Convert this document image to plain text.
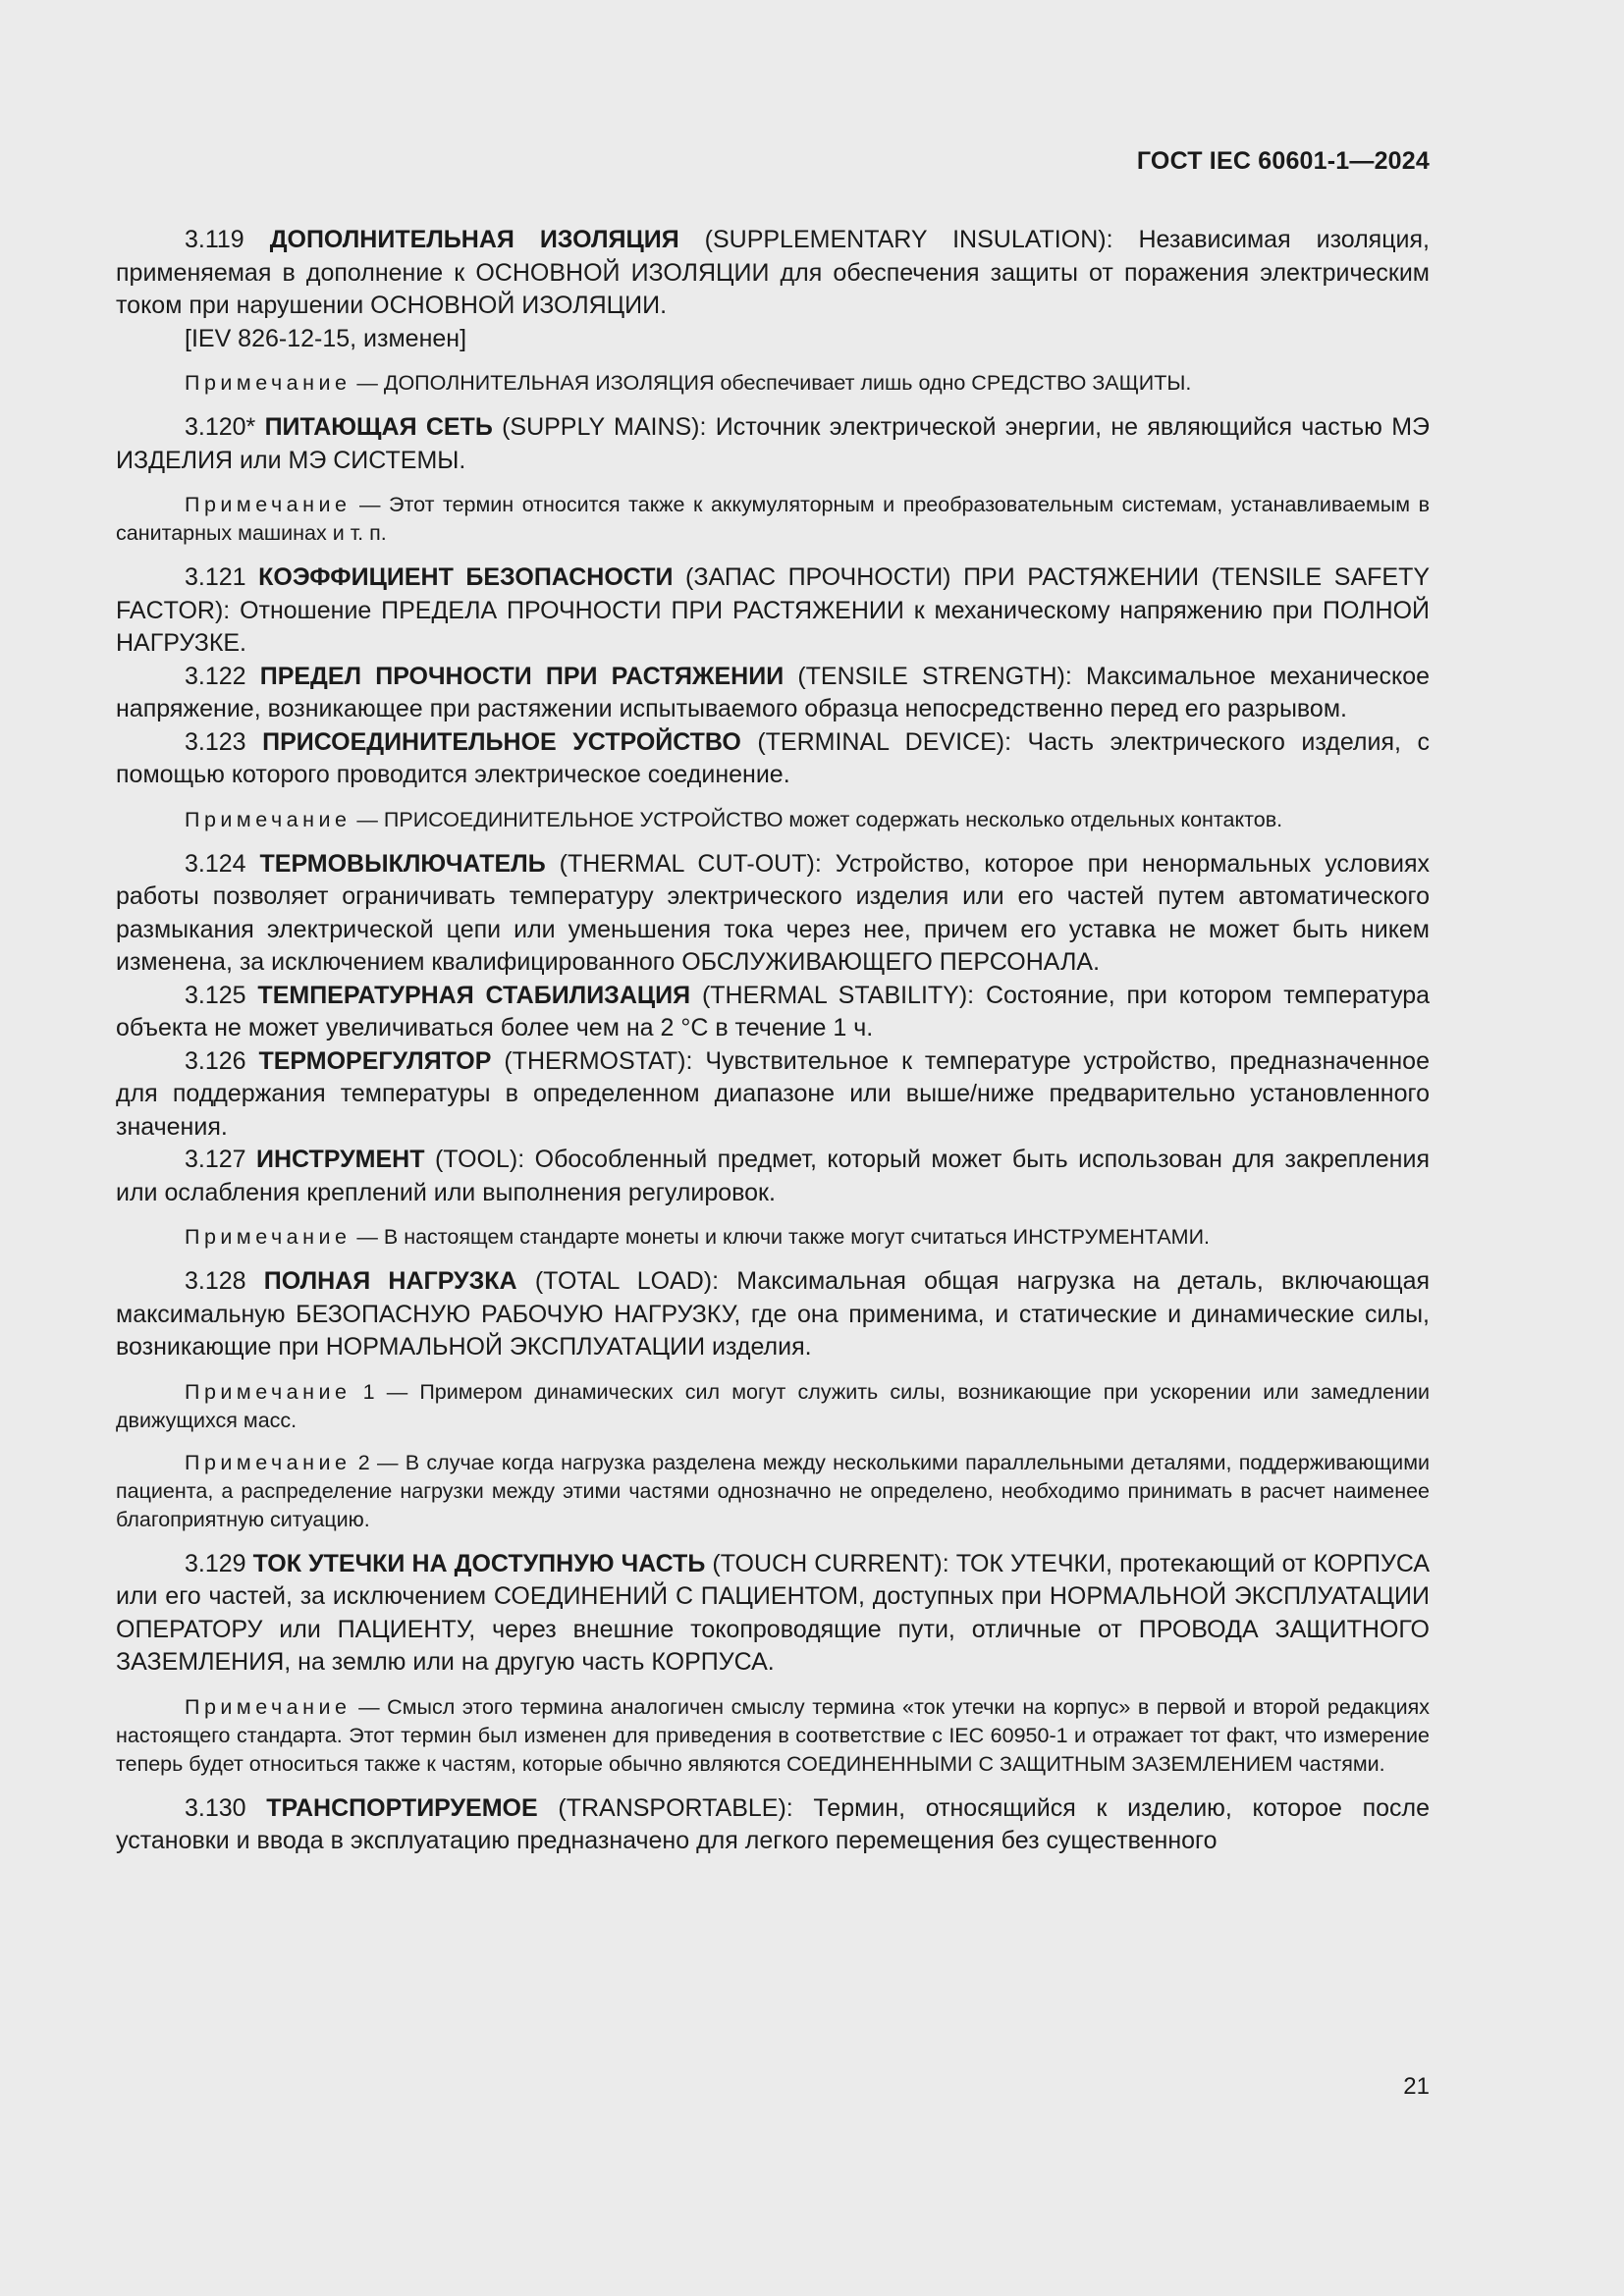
ГОСТ IEC 60601-1—2024

3.119 ДОПОЛНИТЕЛЬНАЯ ИЗОЛЯЦИЯ (SUPPLEMENTARY INSULATION): Независимая изоляция, применяемая в дополнение к ОСНОВНОЙ ИЗОЛЯЦИИ для обеспечения защиты от поражения электрическим током при нарушении ОСНОВНОЙ ИЗОЛЯЦИИ.

[IEV 826-12-15, изменен]

Примечание — ДОПОЛНИТЕЛЬНАЯ ИЗОЛЯЦИЯ обеспечивает лишь одно СРЕДСТВО ЗАЩИТЫ.

3.120* ПИТАЮЩАЯ СЕТЬ (SUPPLY MAINS): Источник электрической энергии, не являющийся частью МЭ ИЗДЕЛИЯ или МЭ СИСТЕМЫ.

Примечание — Этот термин относится также к аккумуляторным и преобразовательным системам, устанавливаемым в санитарных машинах и т. п.

3.121 КОЭФФИЦИЕНТ БЕЗОПАСНОСТИ (ЗАПАС ПРОЧНОСТИ) ПРИ РАСТЯЖЕНИИ (TENSILE SAFETY FACTOR): Отношение ПРЕДЕЛА ПРОЧНОСТИ ПРИ РАСТЯЖЕНИИ к механическому напряжению при ПОЛНОЙ НАГРУЗКЕ.

3.122 ПРЕДЕЛ ПРОЧНОСТИ ПРИ РАСТЯЖЕНИИ (TENSILE STRENGTH): Максимальное механическое напряжение, возникающее при растяжении испытываемого образца непосредственно перед его разрывом.

3.123 ПРИСОЕДИНИТЕЛЬНОЕ УСТРОЙСТВО (TERMINAL DEVICE): Часть электрического изделия, с помощью которого проводится электрическое соединение.

Примечание — ПРИСОЕДИНИТЕЛЬНОЕ УСТРОЙСТВО может содержать несколько отдельных контактов.

3.124 ТЕРМОВЫКЛЮЧАТЕЛЬ (THERMAL CUT-OUT): Устройство, которое при ненормальных условиях работы позволяет ограничивать температуру электрического изделия или его частей путем автоматического размыкания электрической цепи или уменьшения тока через нее, причем его уставка не может быть никем изменена, за исключением квалифицированного ОБСЛУЖИВАЮЩЕГО ПЕРСОНАЛА.

3.125 ТЕМПЕРАТУРНАЯ СТАБИЛИЗАЦИЯ (THERMAL STABILITY): Состояние, при котором температура объекта не может увеличиваться более чем на 2 °С в течение 1 ч.

3.126 ТЕРМОРЕГУЛЯТОР (THERMOSTAT): Чувствительное к температуре устройство, предназначенное для поддержания температуры в определенном диапазоне или выше/ниже предварительно установленного значения.

3.127 ИНСТРУМЕНТ (TOOL): Обособленный предмет, который может быть использован для закрепления или ослабления креплений или выполнения регулировок.

Примечание — В настоящем стандарте монеты и ключи также могут считаться ИНСТРУМЕНТАМИ.

3.128 ПОЛНАЯ НАГРУЗКА (TOTAL LOAD): Максимальная общая нагрузка на деталь, включающая максимальную БЕЗОПАСНУЮ РАБОЧУЮ НАГРУЗКУ, где она применима, и статические и динамические силы, возникающие при НОРМАЛЬНОЙ ЭКСПЛУАТАЦИИ изделия.

Примечание 1 — Примером динамических сил могут служить силы, возникающие при ускорении или замедлении движущихся масс.

Примечание 2 — В случае когда нагрузка разделена между несколькими параллельными деталями, поддерживающими пациента, а распределение нагрузки между этими частями однозначно не определено, необходимо принимать в расчет наименее благоприятную ситуацию.

3.129 ТОК УТЕЧКИ НА ДОСТУПНУЮ ЧАСТЬ (TOUCH CURRENT): ТОК УТЕЧКИ, протекающий от КОРПУСА или его частей, за исключением СОЕДИНЕНИЙ С ПАЦИЕНТОМ, доступных при НОРМАЛЬНОЙ ЭКСПЛУАТАЦИИ ОПЕРАТОРУ или ПАЦИЕНТУ, через внешние токопроводящие пути, отличные от ПРОВОДА ЗАЩИТНОГО ЗАЗЕМЛЕНИЯ, на землю или на другую часть КОРПУСА.

Примечание — Смысл этого термина аналогичен смыслу термина «ток утечки на корпус» в первой и второй редакциях настоящего стандарта. Этот термин был изменен для приведения в соответствие с IEC 60950-1 и отражает тот факт, что измерение теперь будет относиться также к частям, которые обычно являются СОЕДИНЕННЫМИ С ЗАЩИТНЫМ ЗАЗЕМЛЕНИЕМ частями.

3.130 ТРАНСПОРТИРУЕМОЕ (TRANSPORTABLE): Термин, относящийся к изделию, которое после установки и ввода в эксплуатацию предназначено для легкого перемещения без существенного

21
